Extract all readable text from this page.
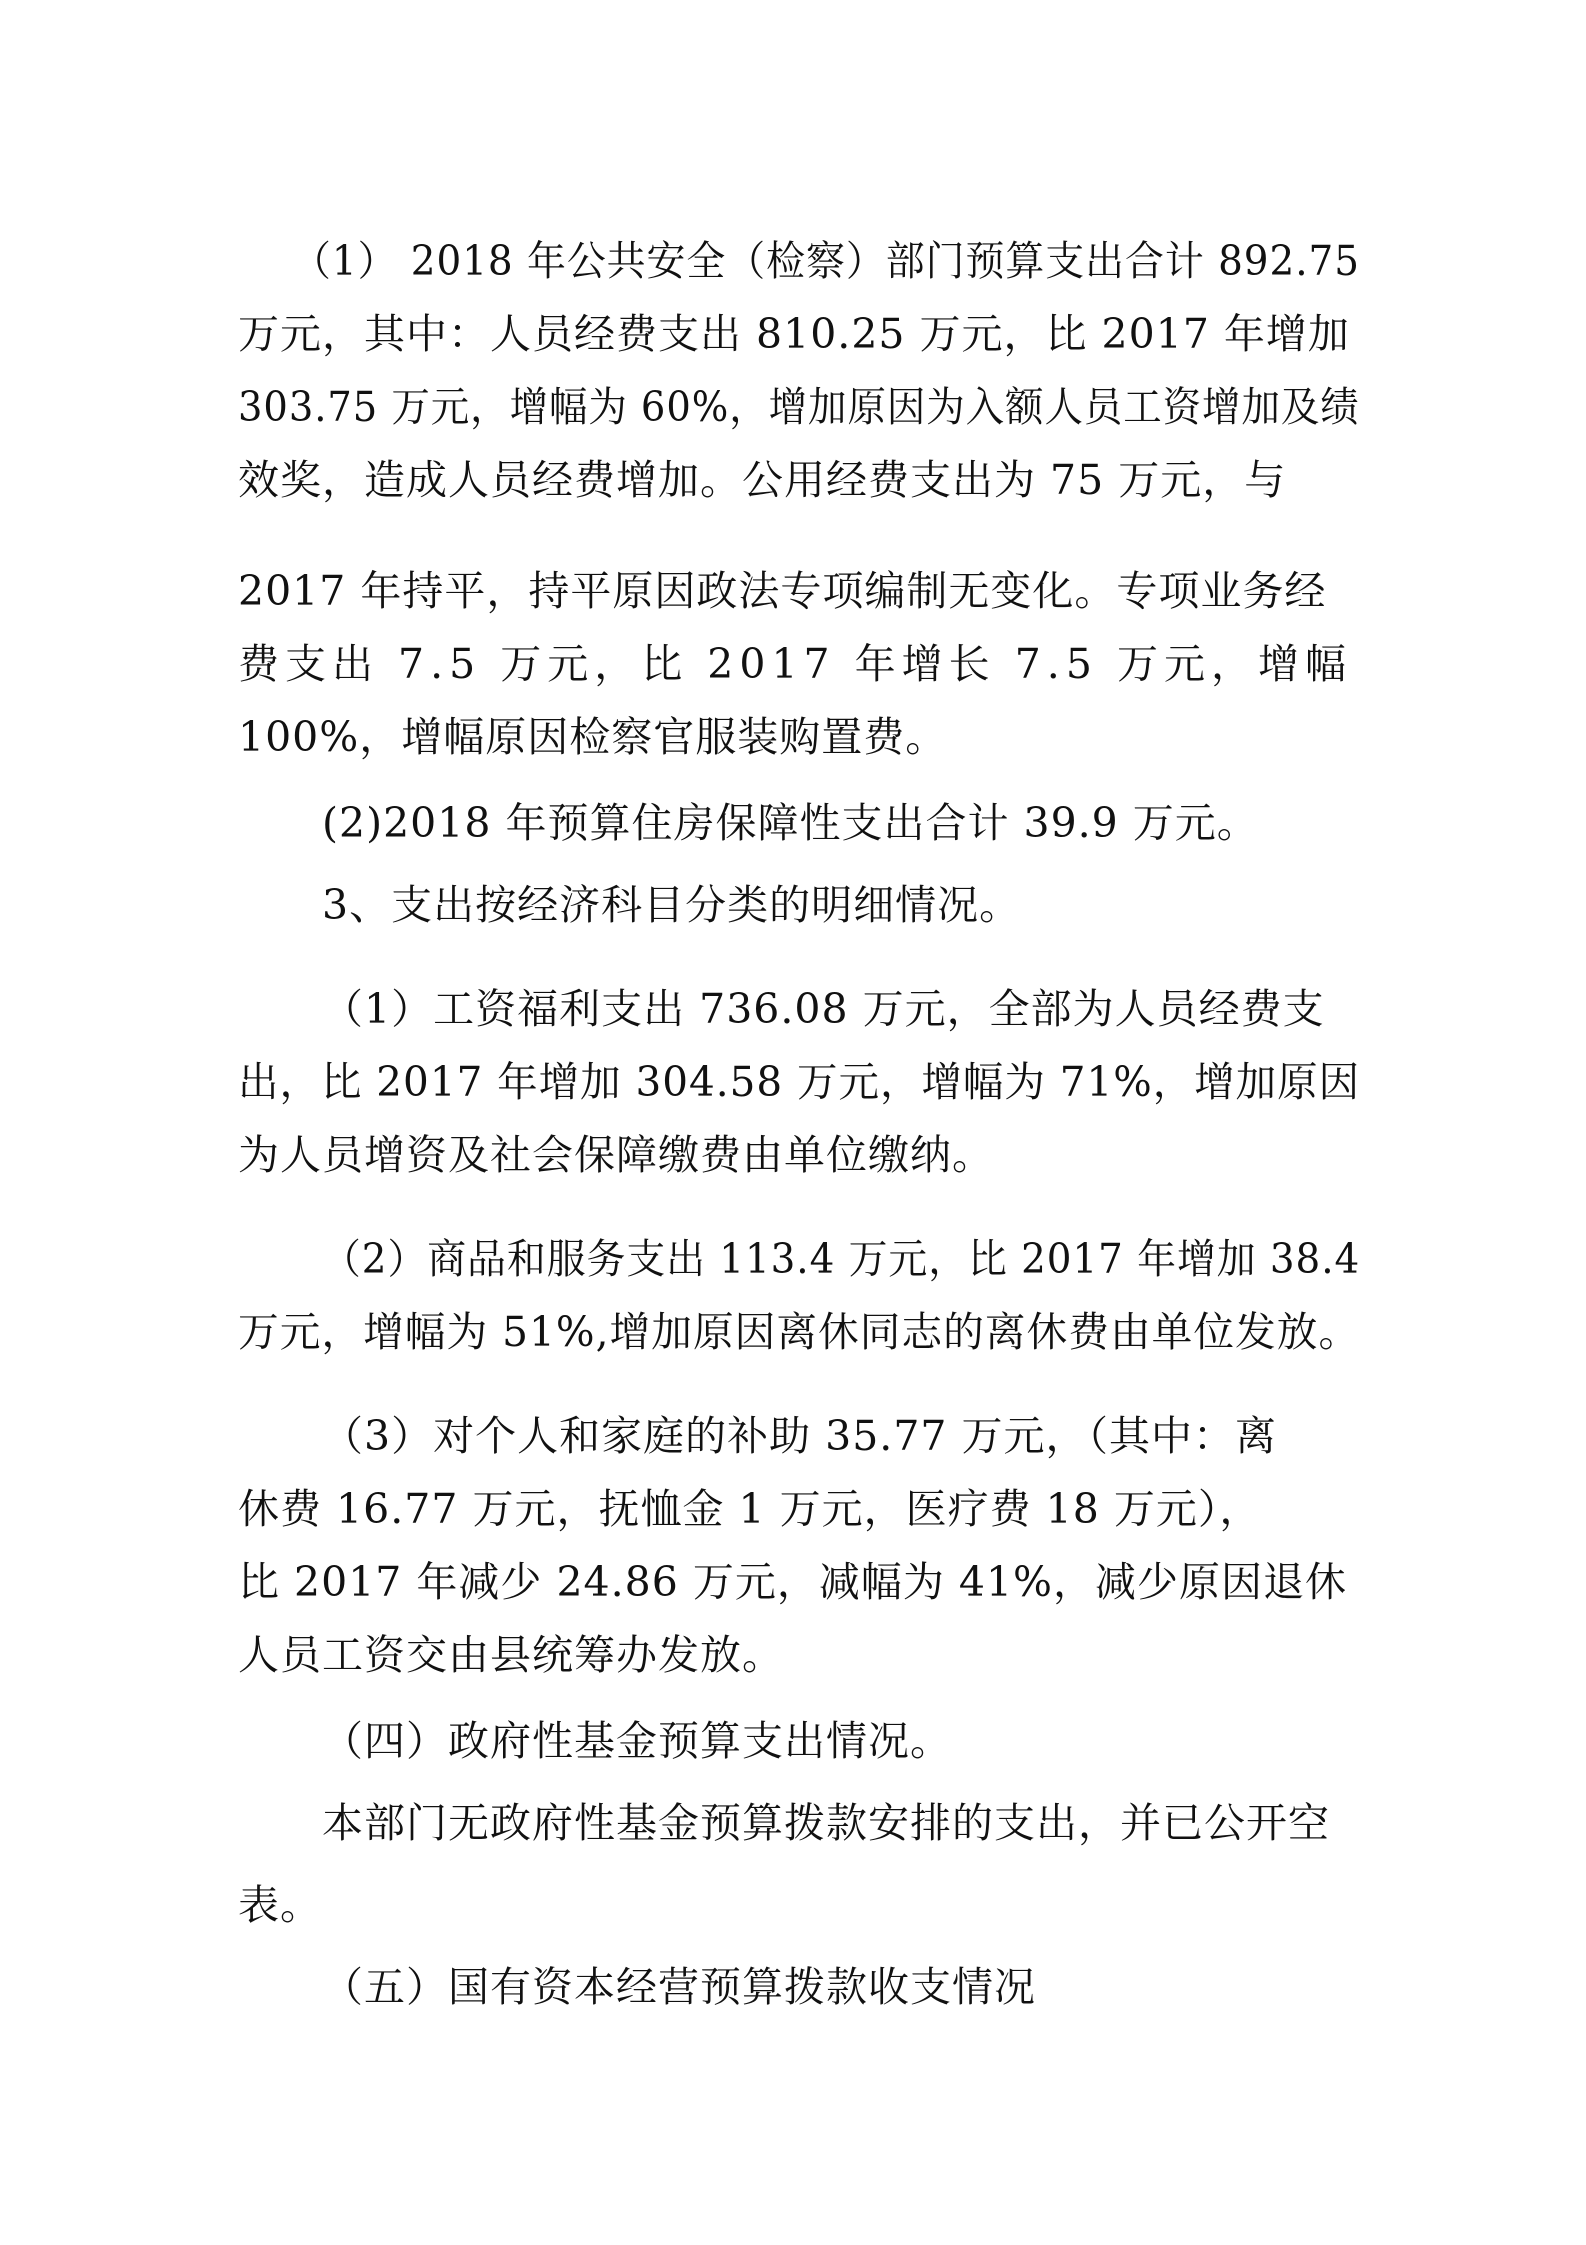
（1） 2018 年公共安全（检察）部门预算支出合计 892.75
万元，其中：人员经费支出 810.25 万元，比 2017 年增加
303.75 万元，增幅为 60%，增加原因为入额人员工资增加及绩
效奖，造成人员经费增加。公用经费支出为 75 万元，与
2017 年持平，持平原因政法专项编制无变化。专项业务经
费支出 7.5 万元，比 2017 年增长 7.5 万元，增幅
100%，增幅原因检察官服装购置费。
(2)2018 年预算住房保障性支出合计 39.9 万元。
3、支出按经济科目分类的明细情况。
（1）工资福利支出 736.08 万元，全部为人员经费支
出，比 2017 年增加 304.58 万元，增幅为 71%，增加原因
为人员增资及社会保障缴费由单位缴纳。
（2）商品和服务支出 113.4 万元，比 2017 年增加 38.4
万元，增幅为 51%,增加原因离休同志的离休费由单位发放。
（3）对个人和家庭的补助 35.77 万元，（其中：离
休费 16.77 万元，抚恤金 1 万元，医疗费 18 万元），
比 2017 年减少 24.86 万元，减幅为 41%，减少原因退休
人员工资交由县统筹办发放。
（四）政府性基金预算支出情况。
本部门无政府性基金预算拨款安排的支出，并已公开空
表。
（五）国有资本经营预算拨款收支情况
